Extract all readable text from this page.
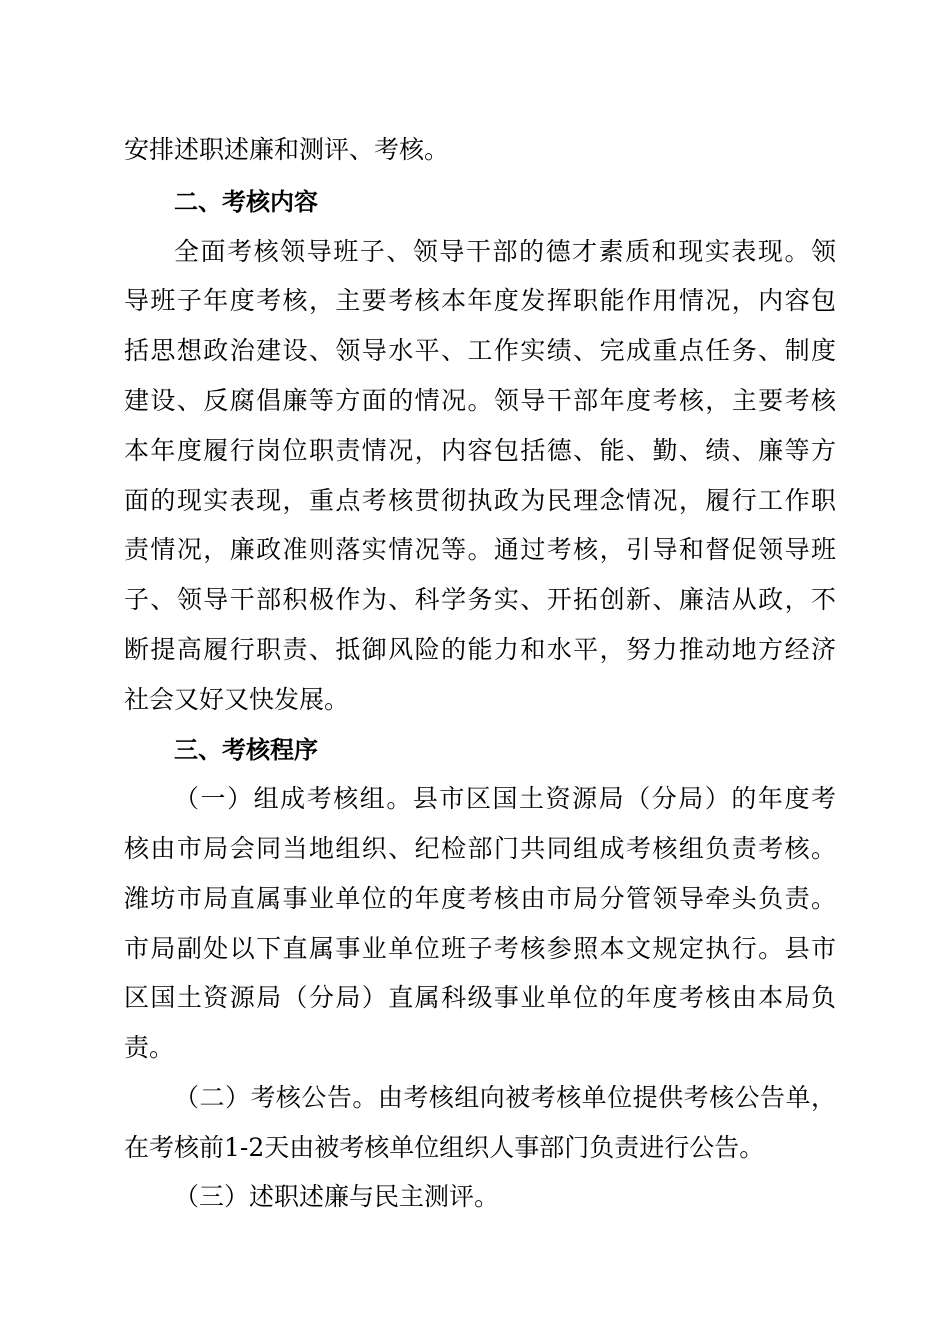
安排述职述廉和测评、考核。
二、考核内容
全面考核领导班子、领导干部的德才素质和现实表现。领
导班子年度考核，主要考核本年度发挥职能作用情况，内容包
括思想政治建设、领导水平、工作实绩、完成重点任务、制度
建设、反腐倡廉等方面的情况。领导干部年度考核，主要考核
本年度履行岗位职责情况，内容包括德、能、勤、绩、廉等方
面的现实表现，重点考核贯彻执政为民理念情况，履行工作职
责情况，廉政准则落实情况等。通过考核，引导和督促领导班
子、领导干部积极作为、科学务实、开拓创新、廉洁从政，不
断提高履行职责、抵御风险的能力和水平，努力推动地方经济
社会又好又快发展。
三、考核程序
（一）组成考核组。县市区国土资源局（分局）的年度考
核由市局会同当地组织、纪检部门共同组成考核组负责考核。
潍坊市局直属事业单位的年度考核由市局分管领导牵头负责。
市局副处以下直属事业单位班子考核参照本文规定执行。县市
区国土资源局（分局）直属科级事业单位的年度考核由本局负
责。
（二）考核公告。由考核组向被考核单位提供考核公告单，
在考核前1-2天由被考核单位组织人事部门负责进行公告。
（三）述职述廉与民主测评。
